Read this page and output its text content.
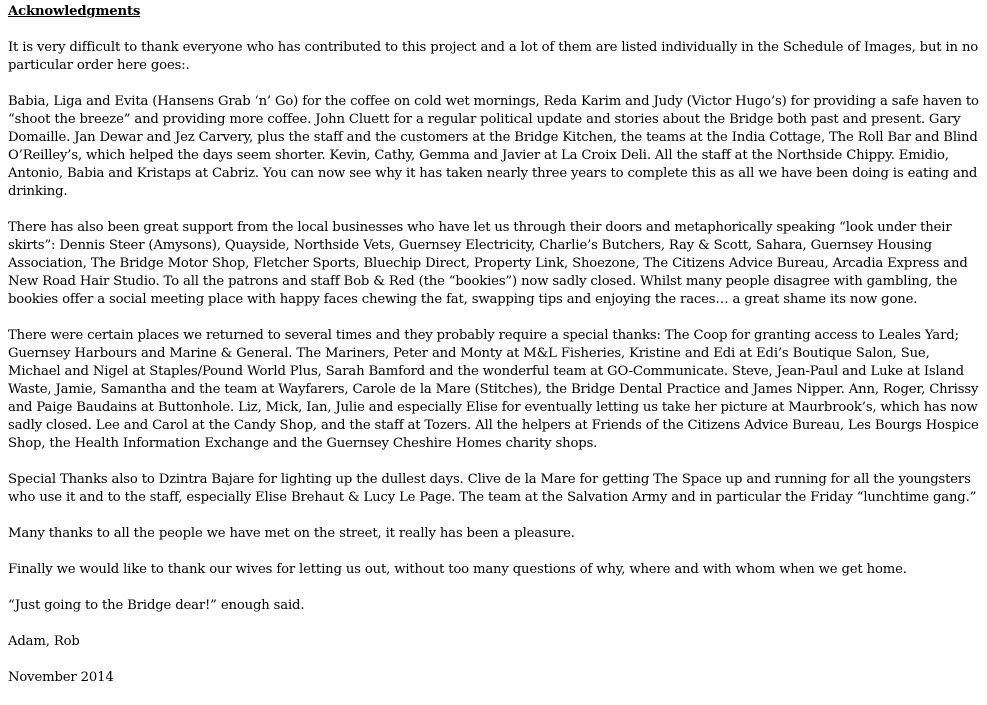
Acknowledgments

It is very difficult to thank everyone who has contributed to this project and a lot of them are listed individually in the Schedule of Images, but in no particular order here goes:.

Babia, Liga and Evita (Hansens Grab ‘n’ Go) for the coffee on cold wet mornings, Reda Karim and Judy (Victor Hugo’s) for providing a safe haven to “shoot the breeze” and providing more coffee. John Cluett for a regular political update and stories about the Bridge both past and present. Gary Domaille. Jan Dewar and Jez Carvery, plus the staff and the customers at the Bridge Kitchen, the teams at the India Cottage, The Roll Bar and Blind O’Reilley’s, which helped the days seem shorter. Kevin, Cathy, Gemma and Javier at La Croix Deli. All the staff at the Northside Chippy. Emidio, Antonio, Babia and Kristaps at Cabriz. You can now see why it has taken nearly three years to complete this as all we have been doing is eating and drinking.

There has also been great support from the local businesses who have let us through their doors and metaphorically speaking “look under their skirts”: Dennis Steer (Amysons), Quayside, Northside Vets, Guernsey Electricity, Charlie’s Butchers, Ray & Scott, Sahara, Guernsey Housing Association, The Bridge Motor Shop, Fletcher Sports, Bluechip Direct, Property Link, Shoezone, The Citizens Advice Bureau, Arcadia Express and New Road Hair Studio. To all the patrons and staff Bob & Red (the “bookies”) now sadly closed. Whilst many people disagree with gambling, the bookies offer a social meeting place with happy faces chewing the fat, swapping tips and enjoying the races… a great shame its now gone.

There were certain places we returned to several times and they probably require a special thanks: The Coop for granting access to Leales Yard; Guernsey Harbours and Marine & General. The Mariners, Peter and Monty at M&L Fisheries, Kristine and Edi at Edi’s Boutique Salon, Sue, Michael and Nigel at Staples/Pound World Plus, Sarah Bamford and the wonderful team at GO-Communicate. Steve, Jean-Paul and Luke at Island Waste, Jamie, Samantha and the team at Wayfarers, Carole de la Mare (Stitches), the Bridge Dental Practice and James Nipper. Ann, Roger, Chrissy and Paige Baudains at Buttonhole. Liz, Mick, Ian, Julie and especially Elise for eventually letting us take her picture at Maurbrook’s, which has now sadly closed. Lee and Carol at the Candy Shop, and the staff at Tozers. All the helpers at Friends of the Citizens Advice Bureau, Les Bourgs Hospice Shop, the Health Information Exchange and the Guernsey Cheshire Homes charity shops.

Special Thanks also to Dzintra Bajare for lighting up the dullest days. Clive de la Mare for getting The Space up and running for all the youngsters who use it and to the staff, especially Elise Brehaut & Lucy Le Page. The team at the Salvation Army and in particular the Friday “lunchtime gang.”

Many thanks to all the people we have met on the street, it really has been a pleasure.

Finally we would like to thank our wives for letting us out, without too many questions of why, where and with whom when we get home.

“Just going to the Bridge dear!” enough said.

Adam, Rob

November 2014
